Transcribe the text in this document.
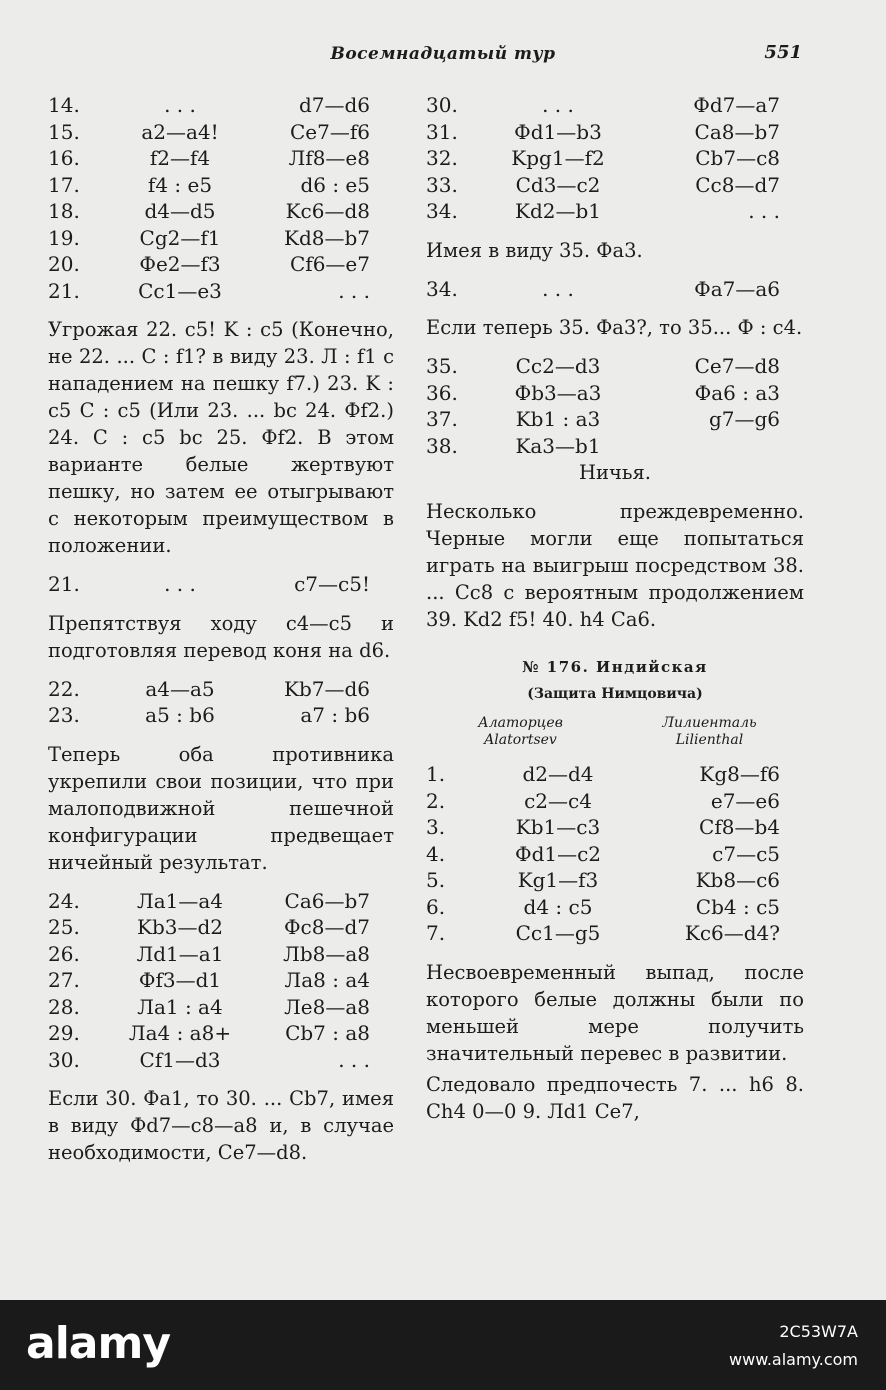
Восемнадцатый тур	551
14.	. . .	d7—d6
15.	a2—a4!	Ce7—f6
16.	f2—f4	Лf8—e8
17.	f4 : e5	d6 : e5
18.	d4—d5	Kc6—d8
19.	Cg2—f1	Kd8—b7
20.	Фe2—f3	Cf6—e7
21.	Cc1—e3	. . .

Угрожая 22. c5! K : c5 (Конечно, не 22. ... C : f1? в виду 23. Л : f1 с нападением на пешку f7.) 23. K : c5 C : c5 (Или 23. ... bc 24. Фf2.) 24. C : c5 bc 25. Фf2. В этом варианте белые жертвуют пешку, но затем ее отыгрывают с некоторым преимуществом в положении.

21.	. . .	c7—c5!

Препятствуя ходу c4—c5 и подготовляя перевод коня на d6.

22.	a4—a5	Kb7—d6
23.	a5 : b6	a7 : b6

Теперь оба противника укрепили свои позиции, что при малоподвижной пешечной конфигурации предвещает ничейный результат.

24.	Лa1—a4	Ca6—b7
25.	Kb3—d2	Фc8—d7
26.	Лd1—a1	Лb8—a8
27.	Фf3—d1	Лa8 : a4
28.	Лa1 : a4	Лe8—a8
29.	Лa4 : a8+	Cb7 : a8
30.	Cf1—d3	. . .

Если 30. Фa1, то 30. ... Cb7, имея в виду Фd7—c8—a8 и, в случае необходимости, Ce7—d8.

30.	. . .	Фd7—a7
31.	Фd1—b3	Ca8—b7
32.	Kpg1—f2	Cb7—c8
33.	Cd3—c2	Cc8—d7
34.	Kd2—b1	. . .

Имея в виду 35. Фa3.

34.	. . .	Фa7—a6

Если теперь 35. Фa3?, то 35... Ф : c4.

35.	Cc2—d3	Ce7—d8
36.	Фb3—a3	Фa6 : a3
37.	Kb1 : a3	g7—g6
38.	Ka3—b1

Ничья.

Несколько преждевременно. Черные могли еще попытаться играть на выигрыш посредством 38. ... Cc8 с вероятным продолжением 39. Kd2 f5! 40. h4 Ca6.

№ 176. Индийская
(Защита Нимцовича)
Алаторцев
Alatortsev
Лилиенталь
Lilienthal
1.	d2—d4	Kg8—f6
2.	c2—c4	e7—e6
3.	Kb1—c3	Cf8—b4
4.	Фd1—c2	c7—c5
5.	Kg1—f3	Kb8—c6
6.	d4 : c5	Cb4 : c5
7.	Cc1—g5	Kc6—d4?

Несвоевременный выпад, после которого белые должны были по меньшей мере получить значительный перевес в развитии.

Следовало предпочесть 7. ... h6 8. Ch4 0—0 9. Лd1 Ce7,

alamy	2C53W7A
www.alamy.com
